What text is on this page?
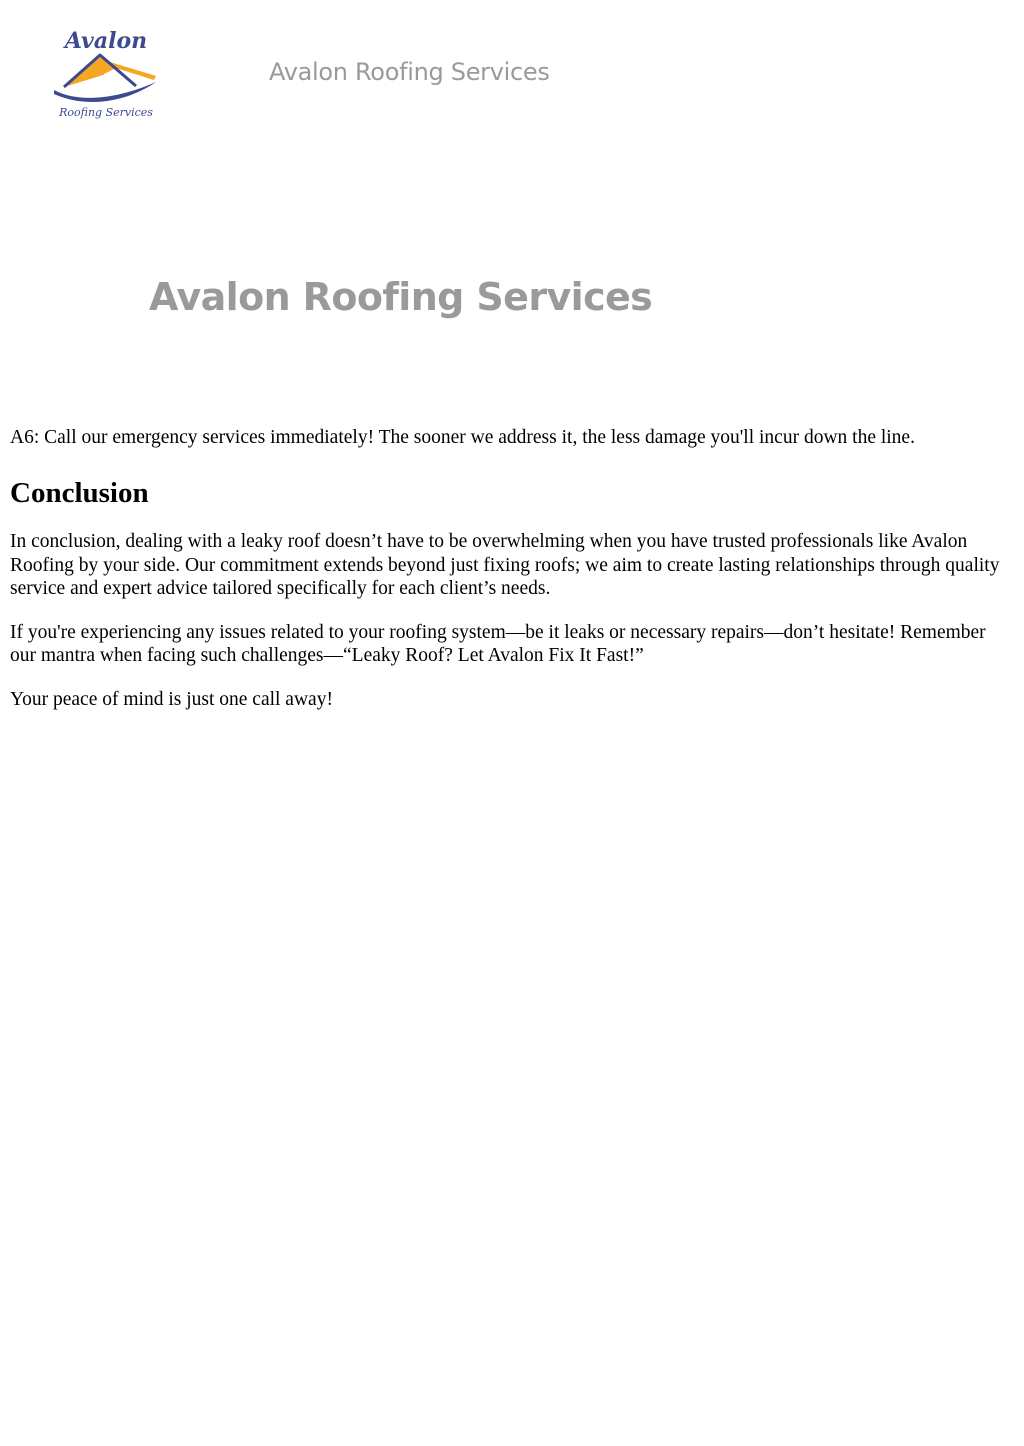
Avalon
Roofing Services
Avalon Roofing Services
Avalon Roofing Services

A6: Call our emergency services immediately! The sooner we address it, the less damage you'll incur down the line.

Conclusion

In conclusion, dealing with a leaky roof doesn’t have to be overwhelming when you have trusted professionals like Avalon Roofing by your side. Our commitment extends beyond just fixing roofs; we aim to create lasting relationships through quality service and expert advice tailored specifically for each client’s needs.

If you're experiencing any issues related to your roofing system—be it leaks or necessary repairs—don’t hesitate! Remember our mantra when facing such challenges—“Leaky Roof? Let Avalon Fix It Fast!”

Your peace of mind is just one call away!
